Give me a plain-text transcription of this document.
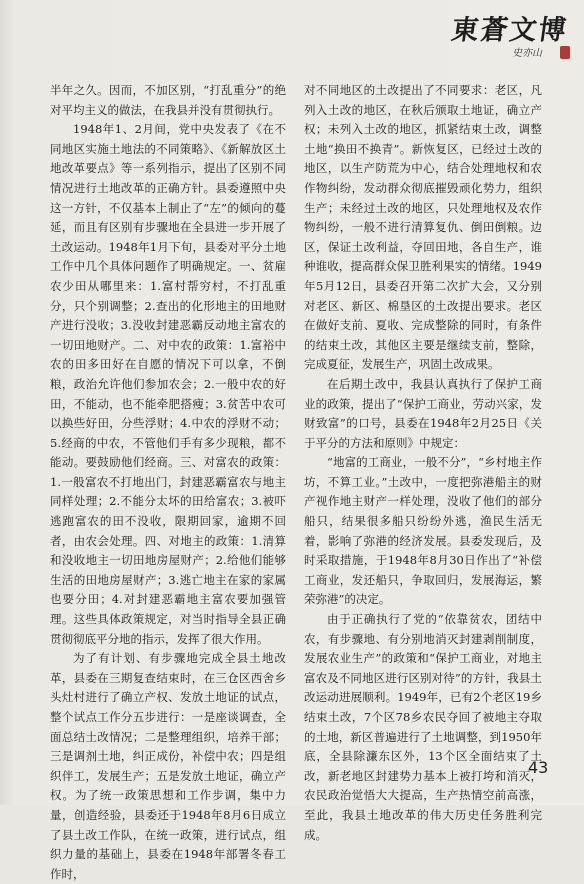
東蒼文博
史亦山

半年之久。因而，不加区别，“打乱重分”的绝对平均主义的做法，在我县并没有贯彻执行。

1948年1、2月间，党中央发表了《在不同地区实施土地法的不同策略》、《新解放区土地改革要点》等一系列指示，提出了区别不同情况进行土地改革的正确方针。县委遵照中央这一方针，不仅基本上制止了“左”的倾向的蔓延，而且有区别有步骤地在全县进一步开展了土改运动。1948年1月下旬，县委对平分土地工作中几个具体问题作了明确规定。一、贫雇农少田从哪里来：1.富村帮穷村，不打乱重分，只个别调整；2.查出的化形地主的田地财产进行没收；3.没收封建恶霸反动地主富农的一切田地财产。二、对中农的政策：1.富裕中农的田多田好在自愿的情况下可以拿，不倒粮，政治允许他们参加农会；2.一般中农的好田，不能动，也不能牵肥搭瘦；3.贫苦中农可以换些好田，分些浮财；4.中农的浮财不动；5.经商的中农，不管他们手有多少现粮，都不能动。要鼓励他们经商。三、对富农的政策：1.一般富农不打地出门，封建恶霸富农与地主同样处理；2.不能分太坏的田给富农；3.被吓逃跑富农的田不没收，限期回家，逾期不回者，由农会处理。四、对地主的政策：1.清算和没收地主一切田地房屋财产；2.给他们能够生活的田地房屋财产；3.逃亡地主在家的家属也要分田；4.对封建恶霸地主富农要加强管理。这些具体政策规定，对当时指导全县正确贯彻彻底平分地的指示，发挥了很大作用。

为了有计划、有步骤地完成全县土地改革，县委在三期复查结束时，在三仓区西舍乡头灶村进行了确立产权、发放土地证的试点，整个试点工作分五步进行：一是座谈调查，全面总结土改情况；二是整理组织，培养干部；三是调剂土地，纠正成份，补偿中农；四是组织伴工，发展生产；五是发放土地证，确立产权。为了统一政策思想和工作步调，集中力量，创造经验，县委还于1948年8月6日成立了县土改工作队，在统一政策，进行试点，组织力量的基础上，县委在1948年部署冬春工作时，

对不同地区的土改提出了不同要求：老区，凡列入土改的地区，在秋后颁取土地证，确立产权；未列入土改的地区，抓紧结束土改，调整土地“换田不换青”。新恢复区，已经过土改的地区，以生产防荒为中心，结合处理地权和农作物纠纷，发动群众彻底摧毁顽化势力，组织生产；未经过土改的地区，只处理地权及农作物纠纷，一般不进行清算复仇、倒田倒粮。边区，保证土改利益，夺回田地，各自生产，谁种谁收，提高群众保卫胜利果实的情绪。1949年5月12日，县委召开第二次扩大会，又分别对老区、新区、棉垦区的土改提出要求。老区在做好支前、夏收、完成整除的同时，有条件的结束土改，其他区主要是继续支前，整除，完成夏征，发展生产，巩固土改成果。

在后期土改中，我县认真执行了保护工商业的政策，提出了“保护工商业，劳动兴家，发财致富”的口号，县委在1948年2月25日《关于平分的方法和原则》中规定：

“地富的工商业，一般不分”，“乡村地主作坊，不算工业。”土改中，一度把弥港船主的财产视作地主财产一样处理，没收了他们的部分船只，结果很多船只纷纷外逃，渔民生活无着，影响了弥港的经济发展。县委发现后，及时采取措施，于1948年8月30日作出了“补偿工商业，发还船只，争取回归，发展海运，繁荣弥港”的决定。

由于正确执行了党的“依靠贫农，团结中农，有步骤地、有分别地消灭封建剥削制度，发展农业生产”的政策和“保护工商业，对地主富农及不同地区进行区别对待”的方针，我县土改运动进展顺利。1949年，已有2个老区19乡结束土改，7个区78乡农民夺回了被地主夺取的土地，新区普遍进行了土地调整，到1950年底，全县除濂东区外，13个区全面结束了土改，新老地区封建势力基本上被打垮和消灭，农民政治觉悟大大提高，生产热情空前高涨，至此，我县土地改革的伟大历史任务胜利完成。

43
